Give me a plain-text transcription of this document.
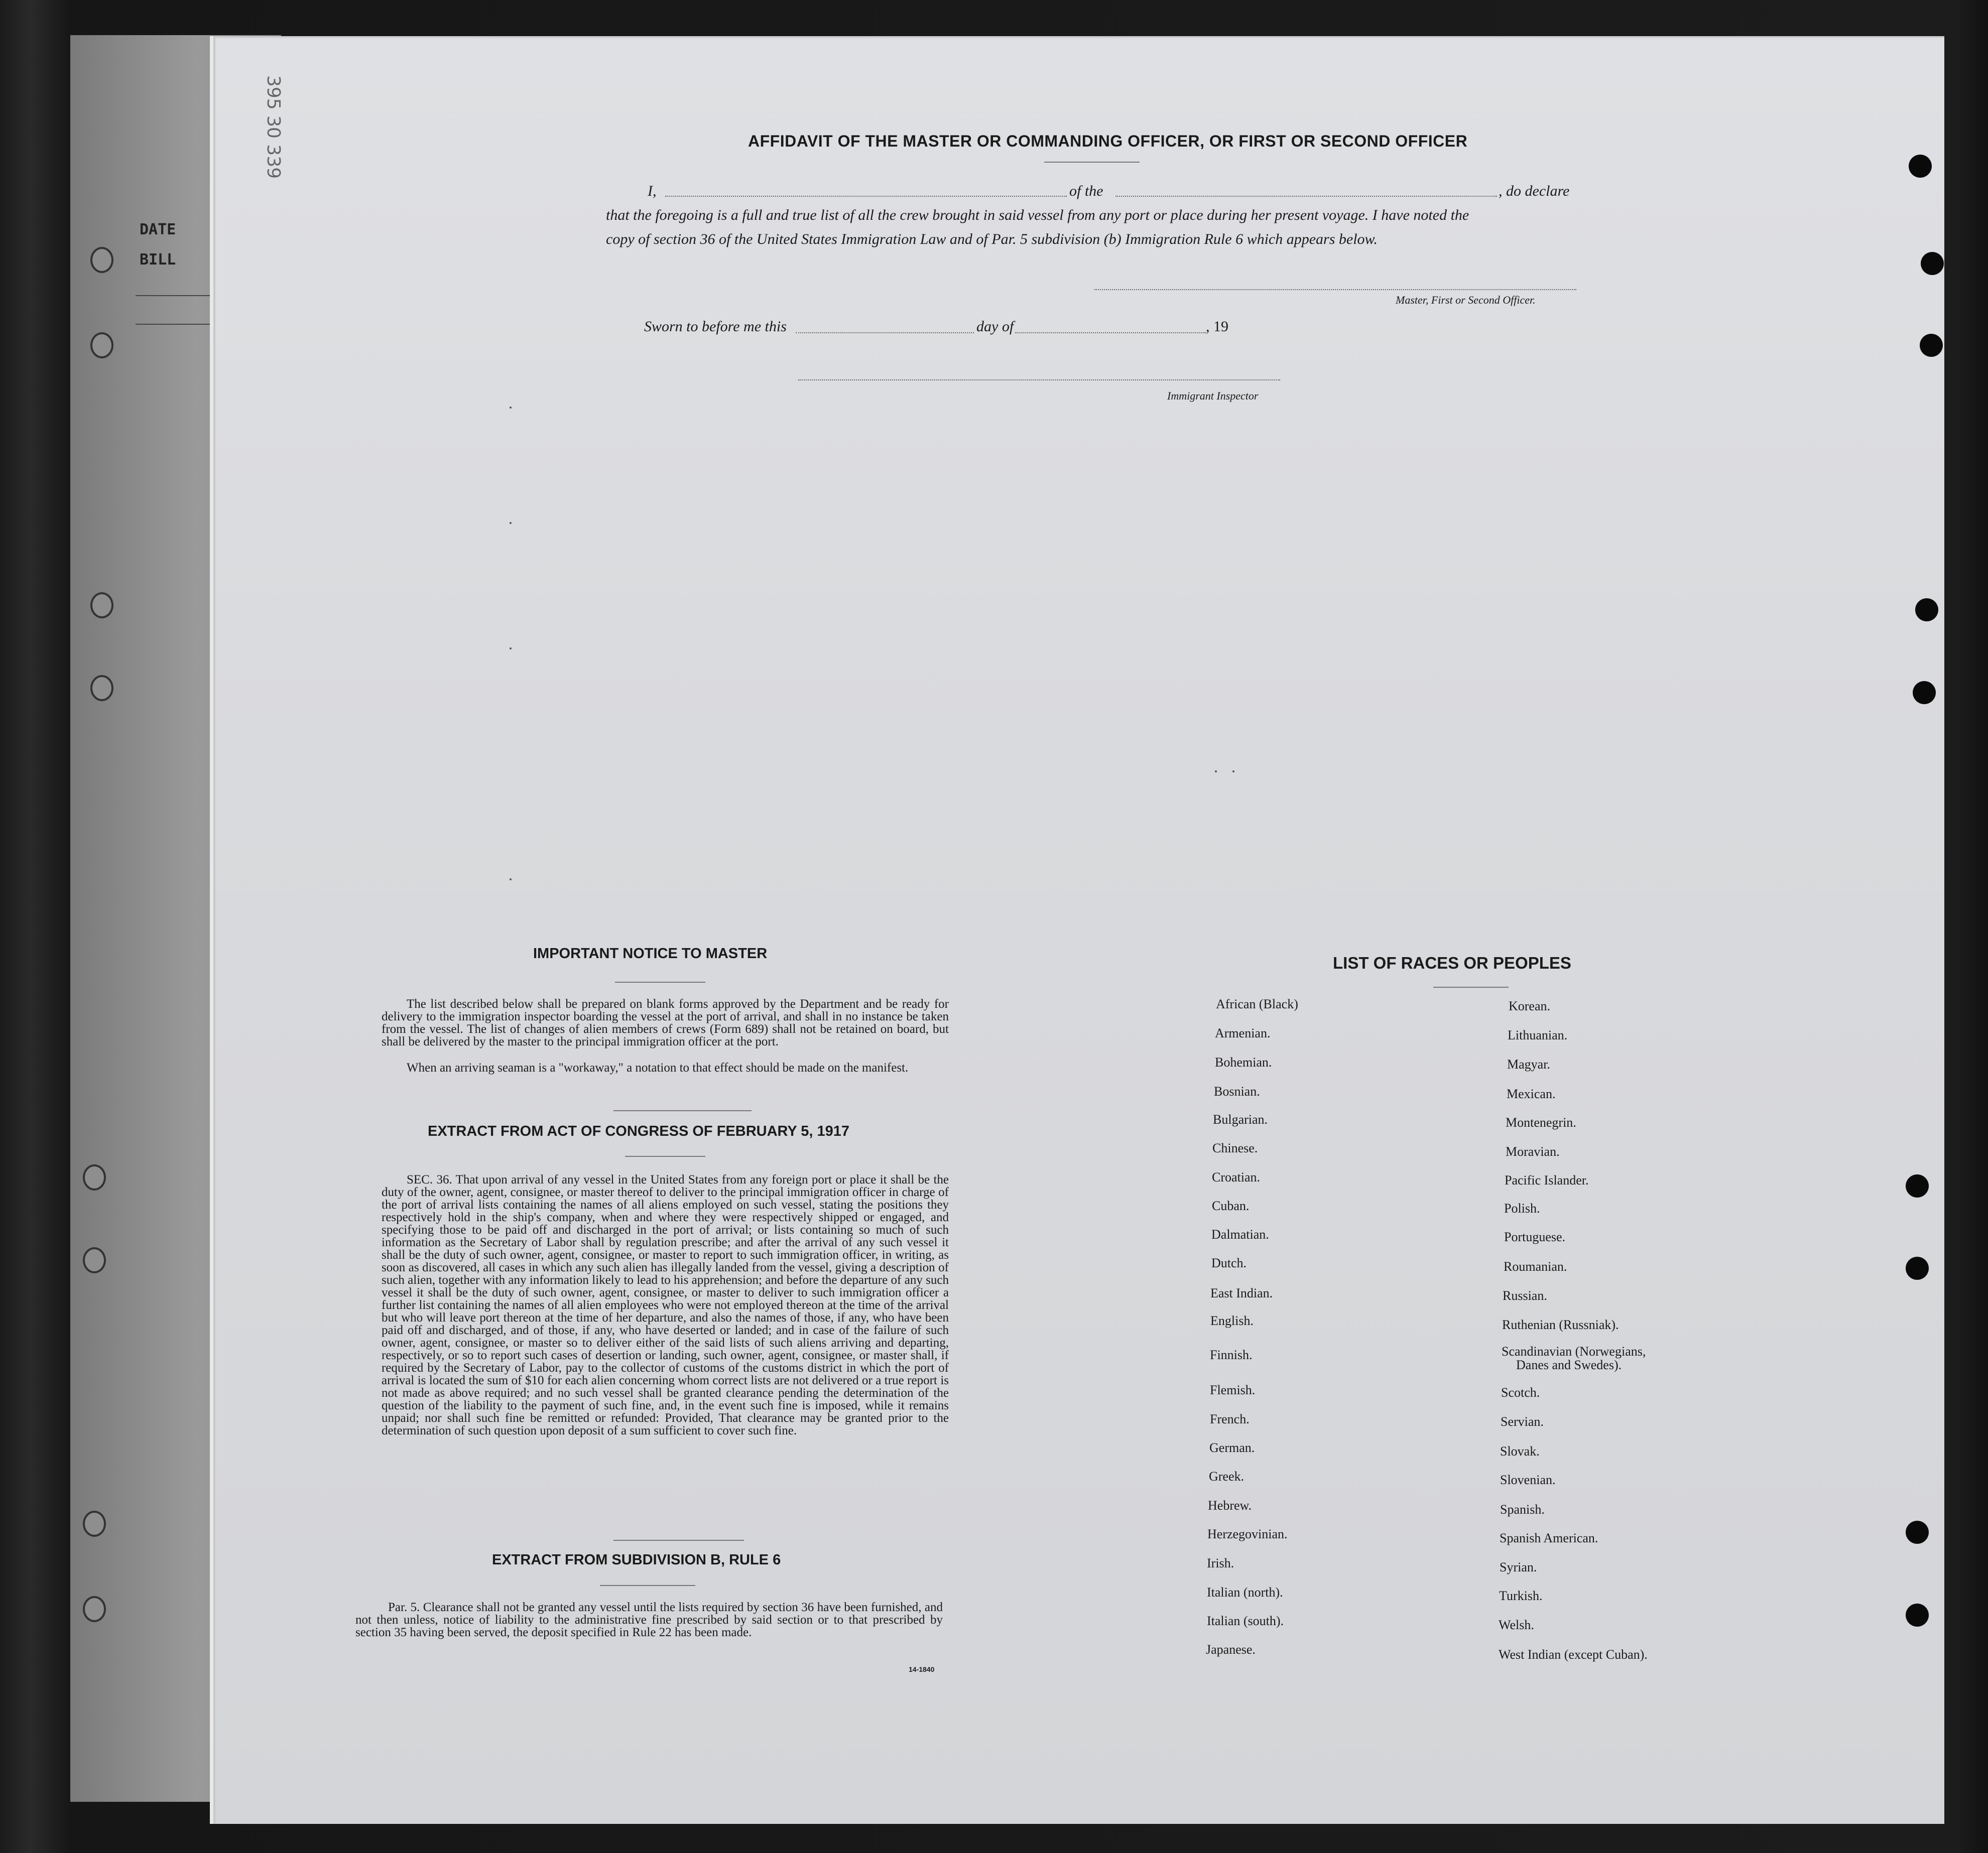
DATE
BILL
395 30 339	AFFIDAVIT OF THE MASTER OR COMMANDING OFFICER, OR FIRST OR SECOND OFFICER
I,	of the	, do declare
that the foregoing is a full and true list of all the crew brought in said vessel from any port or place during her present voyage. I have noted the
copy of section 36 of the United States Immigration Law and of Par. 5 subdivision (b) Immigration Rule 6 which appears below.
Master, First or Second Officer.
Sworn to before me this	day of	, 19
Immigrant Inspector
IMPORTANT NOTICE TO MASTER
The list described below shall be prepared on blank forms approved by the Department and be ready for delivery to the immigration inspector boarding the vessel at the port of arrival, and shall in no instance be taken from the vessel. The list of changes of alien members of crews (Form 689) shall not be retained on board, but shall be delivered by the master to the principal immigration officer at the port.
When an arriving seaman is a "workaway," a notation to that effect should be made on the manifest.
EXTRACT FROM ACT OF CONGRESS OF FEBRUARY 5, 1917
SEC. 36. That upon arrival of any vessel in the United States from any foreign port or place it shall be the duty of the owner, agent, consignee, or master thereof to deliver to the principal immigration officer in charge of the port of arrival lists containing the names of all aliens employed on such vessel, stating the positions they respectively hold in the ship's company, when and where they were respectively shipped or engaged, and specifying those to be paid off and discharged in the port of arrival; or lists containing so much of such information as the Secretary of Labor shall by regulation prescribe; and after the arrival of any such vessel it shall be the duty of such owner, agent, consignee, or master to report to such immigration officer, in writing, as soon as discovered, all cases in which any such alien has illegally landed from the vessel, giving a description of such alien, together with any information likely to lead to his apprehension; and before the departure of any such vessel it shall be the duty of such owner, agent, consignee, or master to deliver to such immigration officer a further list containing the names of all alien employees who were not employed thereon at the time of the arrival but who will leave port thereon at the time of her departure, and also the names of those, if any, who have been paid off and discharged, and of those, if any, who have deserted or landed; and in case of the failure of such owner, agent, consignee, or master so to deliver either of the said lists of such aliens arriving and departing, respectively, or so to report such cases of desertion or landing, such owner, agent, consignee, or master shall, if required by the Secretary of Labor, pay to the collector of customs of the customs district in which the port of arrival is located the sum of $10 for each alien concerning whom correct lists are not delivered or a true report is not made as above required; and no such vessel shall be granted clearance pending the determination of the question of the liability to the payment of such fine, and, in the event such fine is imposed, while it remains unpaid; nor shall such fine be remitted or refunded: Provided, That clearance may be granted prior to the determination of such question upon deposit of a sum sufficient to cover such fine.
EXTRACT FROM SUBDIVISION B, RULE 6
Par. 5. Clearance shall not be granted any vessel until the lists required by section 36 have been furnished, and not then unless, notice of liability to the administrative fine prescribed by said section or to that prescribed by section 35 having been served, the deposit specified in Rule 22 has been made.
14-1840
LIST OF RACES OR PEOPLES
African (Black)
Armenian.
Bohemian.
Bosnian.
Bulgarian.
Chinese.
Croatian.
Cuban.
Dalmatian.
Dutch.
East Indian.
English.
Finnish.
Flemish.
French.
German.
Greek.
Hebrew.
Herzegovinian.
Irish.
Italian (north).
Italian (south).
Japanese.
Korean.
Lithuanian.
Magyar.
Mexican.
Montenegrin.
Moravian.
Pacific Islander.
Polish.
Portuguese.
Roumanian.
Russian.
Ruthenian (Russniak).
Scandinavian (Norwegians,
Danes and Swedes).
Scotch.
Servian.
Slovak.
Slovenian.
Spanish.
Spanish American.
Syrian.
Turkish.
Welsh.
West Indian (except Cuban).
